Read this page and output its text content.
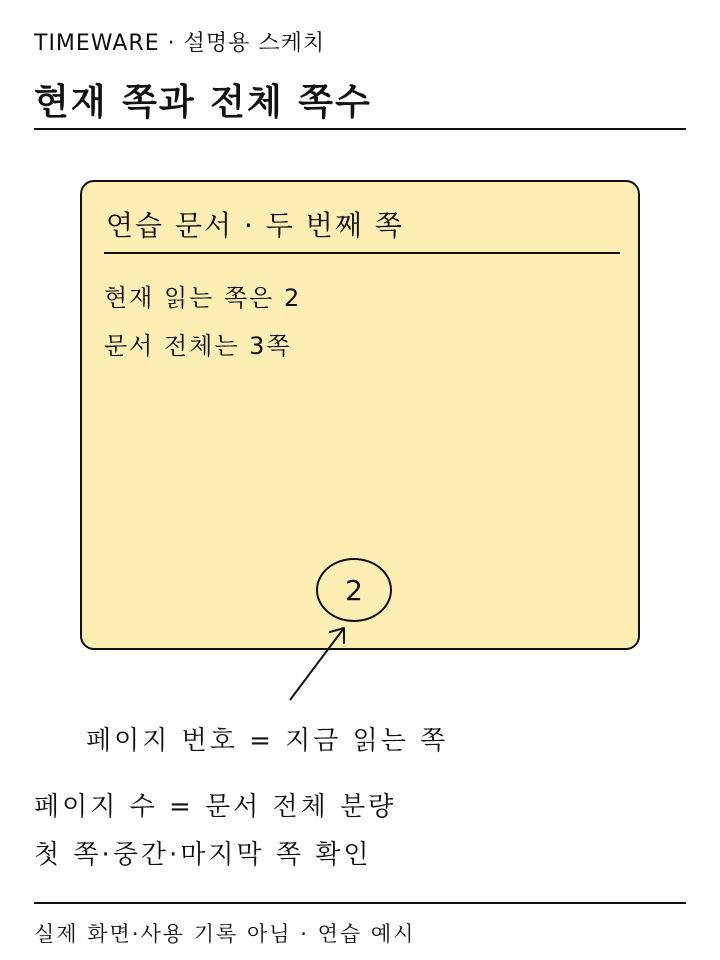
TIMEWARE · 설명용 스케치
현재 쪽과 전체 쪽수
연습 문서 · 두 번째 쪽
현재 읽는 쪽은 2
문서 전체는 3쪽
2
페이지 번호 = 지금 읽는 쪽
페이지 수 = 문서 전체 분량
첫 쪽·중간·마지막 쪽 확인
실제 화면·사용 기록 아님 · 연습 예시
